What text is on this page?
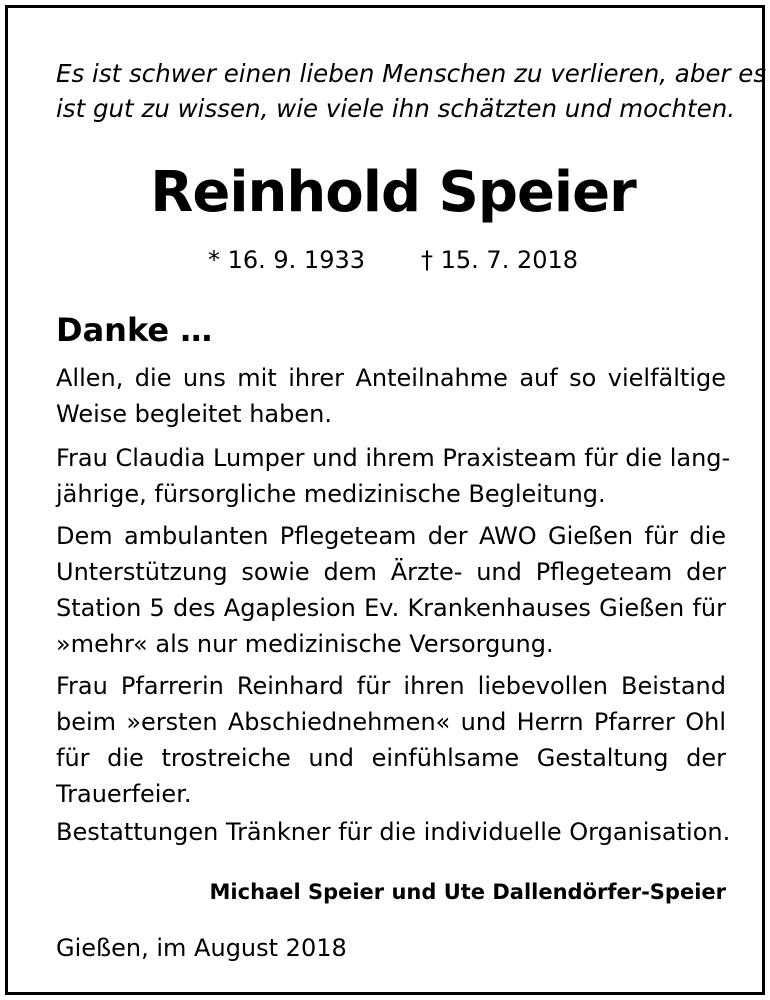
Es ist schwer einen lieben Menschen zu verlieren, aber es
ist gut zu wissen, wie viele ihn schätzten und mochten.
Reinhold Speier
* 16. 9. 1933 † 15. 7. 2018
Danke …
Allen, die uns mit ihrer Anteilnahme auf so vielfältige
Weise begleitet haben.
Frau Claudia Lumper und ihrem Praxisteam für die lang-
jährige, fürsorgliche medizinische Begleitung.
Dem ambulanten Pflegeteam der AWO Gießen für die
Unterstützung sowie dem Ärzte- und Pflegeteam der
Station 5 des Agaplesion Ev. Krankenhauses Gießen für
»mehr« als nur medizinische Versorgung.
Frau Pfarrerin Reinhard für ihren liebevollen Beistand
beim »ersten Abschiednehmen« und Herrn Pfarrer Ohl
für die trostreiche und einfühlsame Gestaltung der
Trauerfeier.
Bestattungen Tränkner für die individuelle Organisation.
Michael Speier und Ute Dallendörfer-Speier
Gießen, im August 2018
